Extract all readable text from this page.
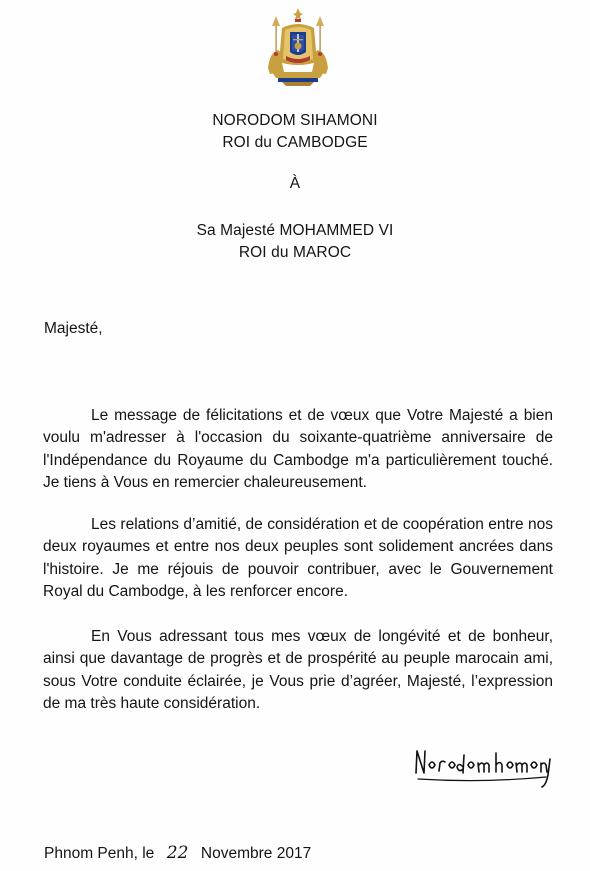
NORODOM SIHAMONI
ROI du CAMBODGE
À
Sa Majesté MOHAMMED VI
ROI du MAROC
Majesté,

Le message de félicitations et de vœux que Votre Majesté a bien voulu m'adresser à l'occasion du soixante-quatrième anniversaire de l'Indépendance du Royaume du Cambodge m'a particulièrement touché. Je tiens à Vous en remercier chaleureusement.

Les relations d’amitié, de considération et de coopération entre nos deux royaumes et entre nos deux peuples sont solidement ancrées dans l'histoire. Je me réjouis de pouvoir contribuer, avec le Gouvernement Royal du Cambodge, à les renforcer encore.

En Vous adressant tous mes vœux de longévité et de bonheur, ainsi que davantage de progrès et de prospérité au peuple marocain ami, sous Votre conduite éclairée, je Vous prie d’agréer, Majesté, l’expression de ma très haute considération.

Phnom Penh, le 22 Novembre 2017
